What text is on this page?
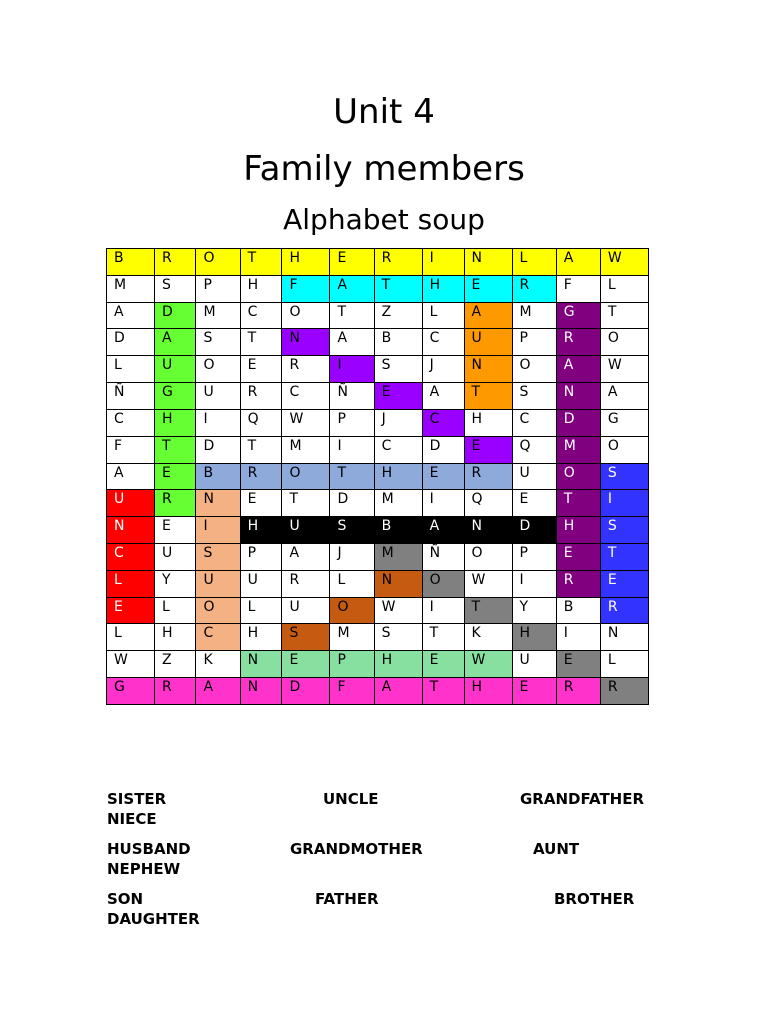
Unit 4
Family members
Alphabet soup
B	R	O	T	H	E	R	I	N	L	A	W
M	S	P	H	F	A	T	H	E	R	F	L
A	D	M	C	O	T	Z	L	A	M	G	T
D	A	S	T	N	A	B	C	U	P	R	O
L	U	O	E	R	I	S	J	N	O	A	W
Ñ	G	U	R	C	Ñ	E	A	T	S	N	A
C	H	I	Q	W	P	J	C	H	C	D	G
F	T	D	T	M	I	C	D	E	Q	M	O
A	E	B	R	O	T	H	E	R	U	O	S
U	R	N	E	T	D	M	I	Q	E	T	I
N	E	I	H	U	S	B	A	N	D	H	S
C	U	S	P	A	J	M	Ñ	O	P	E	T
L	Y	U	U	R	L	N	O	W	I	R	E
E	L	O	L	U	O	W	I	T	Y	B	R
L	H	C	H	S	M	S	T	K	H	I	N
W	Z	K	N	E	P	H	E	W	U	E	L
G	R	A	N	D	F	A	T	H	E	R	R
SISTER	UNCLE	GRANDFATHER
NIECE
HUSBAND	GRANDMOTHER	AUNT
NEPHEW
SON	FATHER	BROTHER
DAUGHTER
